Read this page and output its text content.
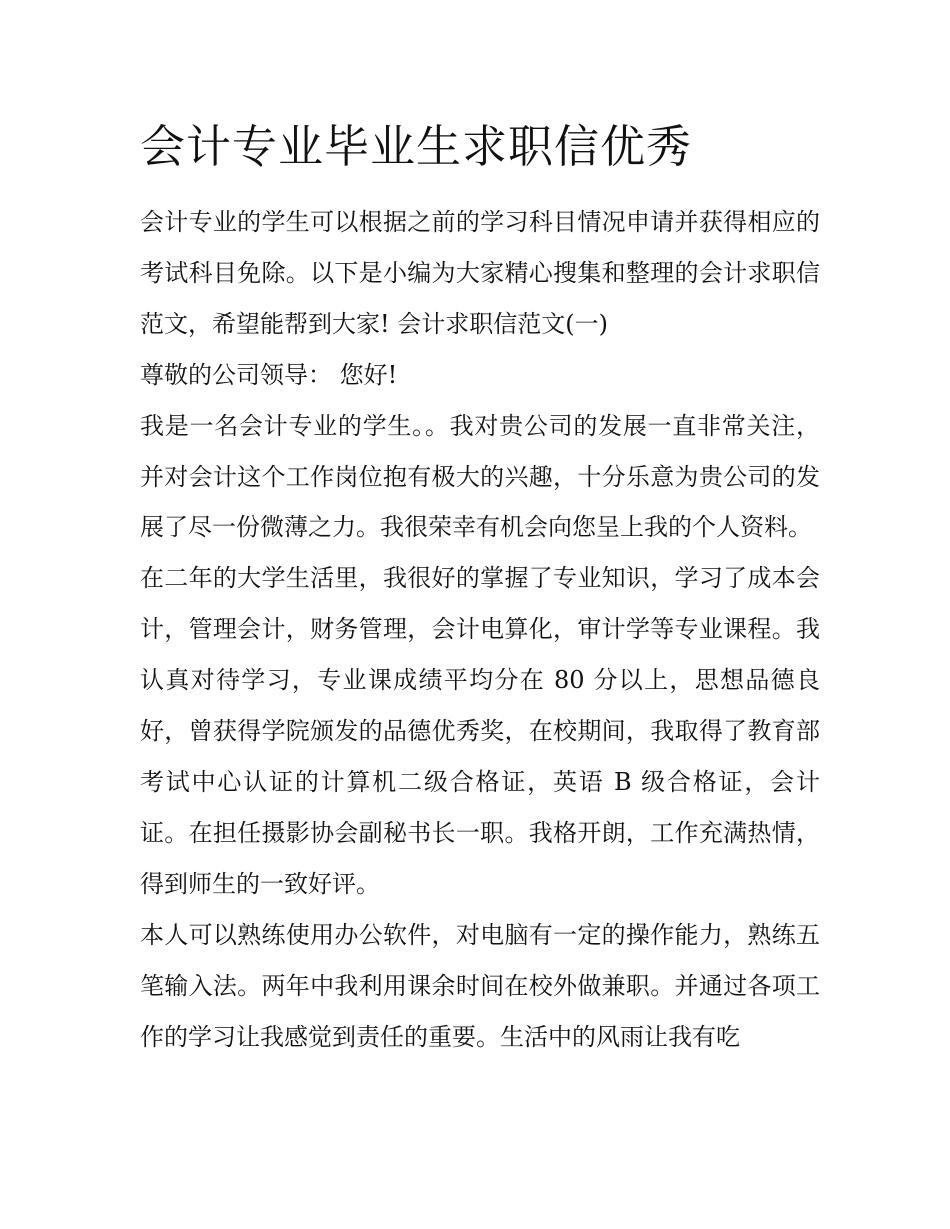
会计专业毕业生求职信优秀

会计专业的学生可以根据之前的学习科目情况申请并获得相应的考试科目免除。以下是小编为大家精心搜集和整理的会计求职信范文，希望能帮到大家! 会计求职信范文(一)

尊敬的公司领导： 您好!

我是一名会计专业的学生。。我对贵公司的发展一直非常关注，并对会计这个工作岗位抱有极大的兴趣，十分乐意为贵公司的发展了尽一份微薄之力。我很荣幸有机会向您呈上我的个人资料。

在二年的大学生活里，我很好的掌握了专业知识，学习了成本会计，管理会计，财务管理，会计电算化，审计学等专业课程。我认真对待学习，专业课成绩平均分在 80 分以上，思想品德良好，曾获得学院颁发的品德优秀奖，在校期间，我取得了教育部考试中心认证的计算机二级合格证，英语 B 级合格证，会计证。在担任摄影协会副秘书长一职。我格开朗，工作充满热情，得到师生的一致好评。

本人可以熟练使用办公软件，对电脑有一定的操作能力，熟练五笔输入法。两年中我利用课余时间在校外做兼职。并通过各项工作的学习让我感觉到责任的重要。生活中的风雨让我有吃
